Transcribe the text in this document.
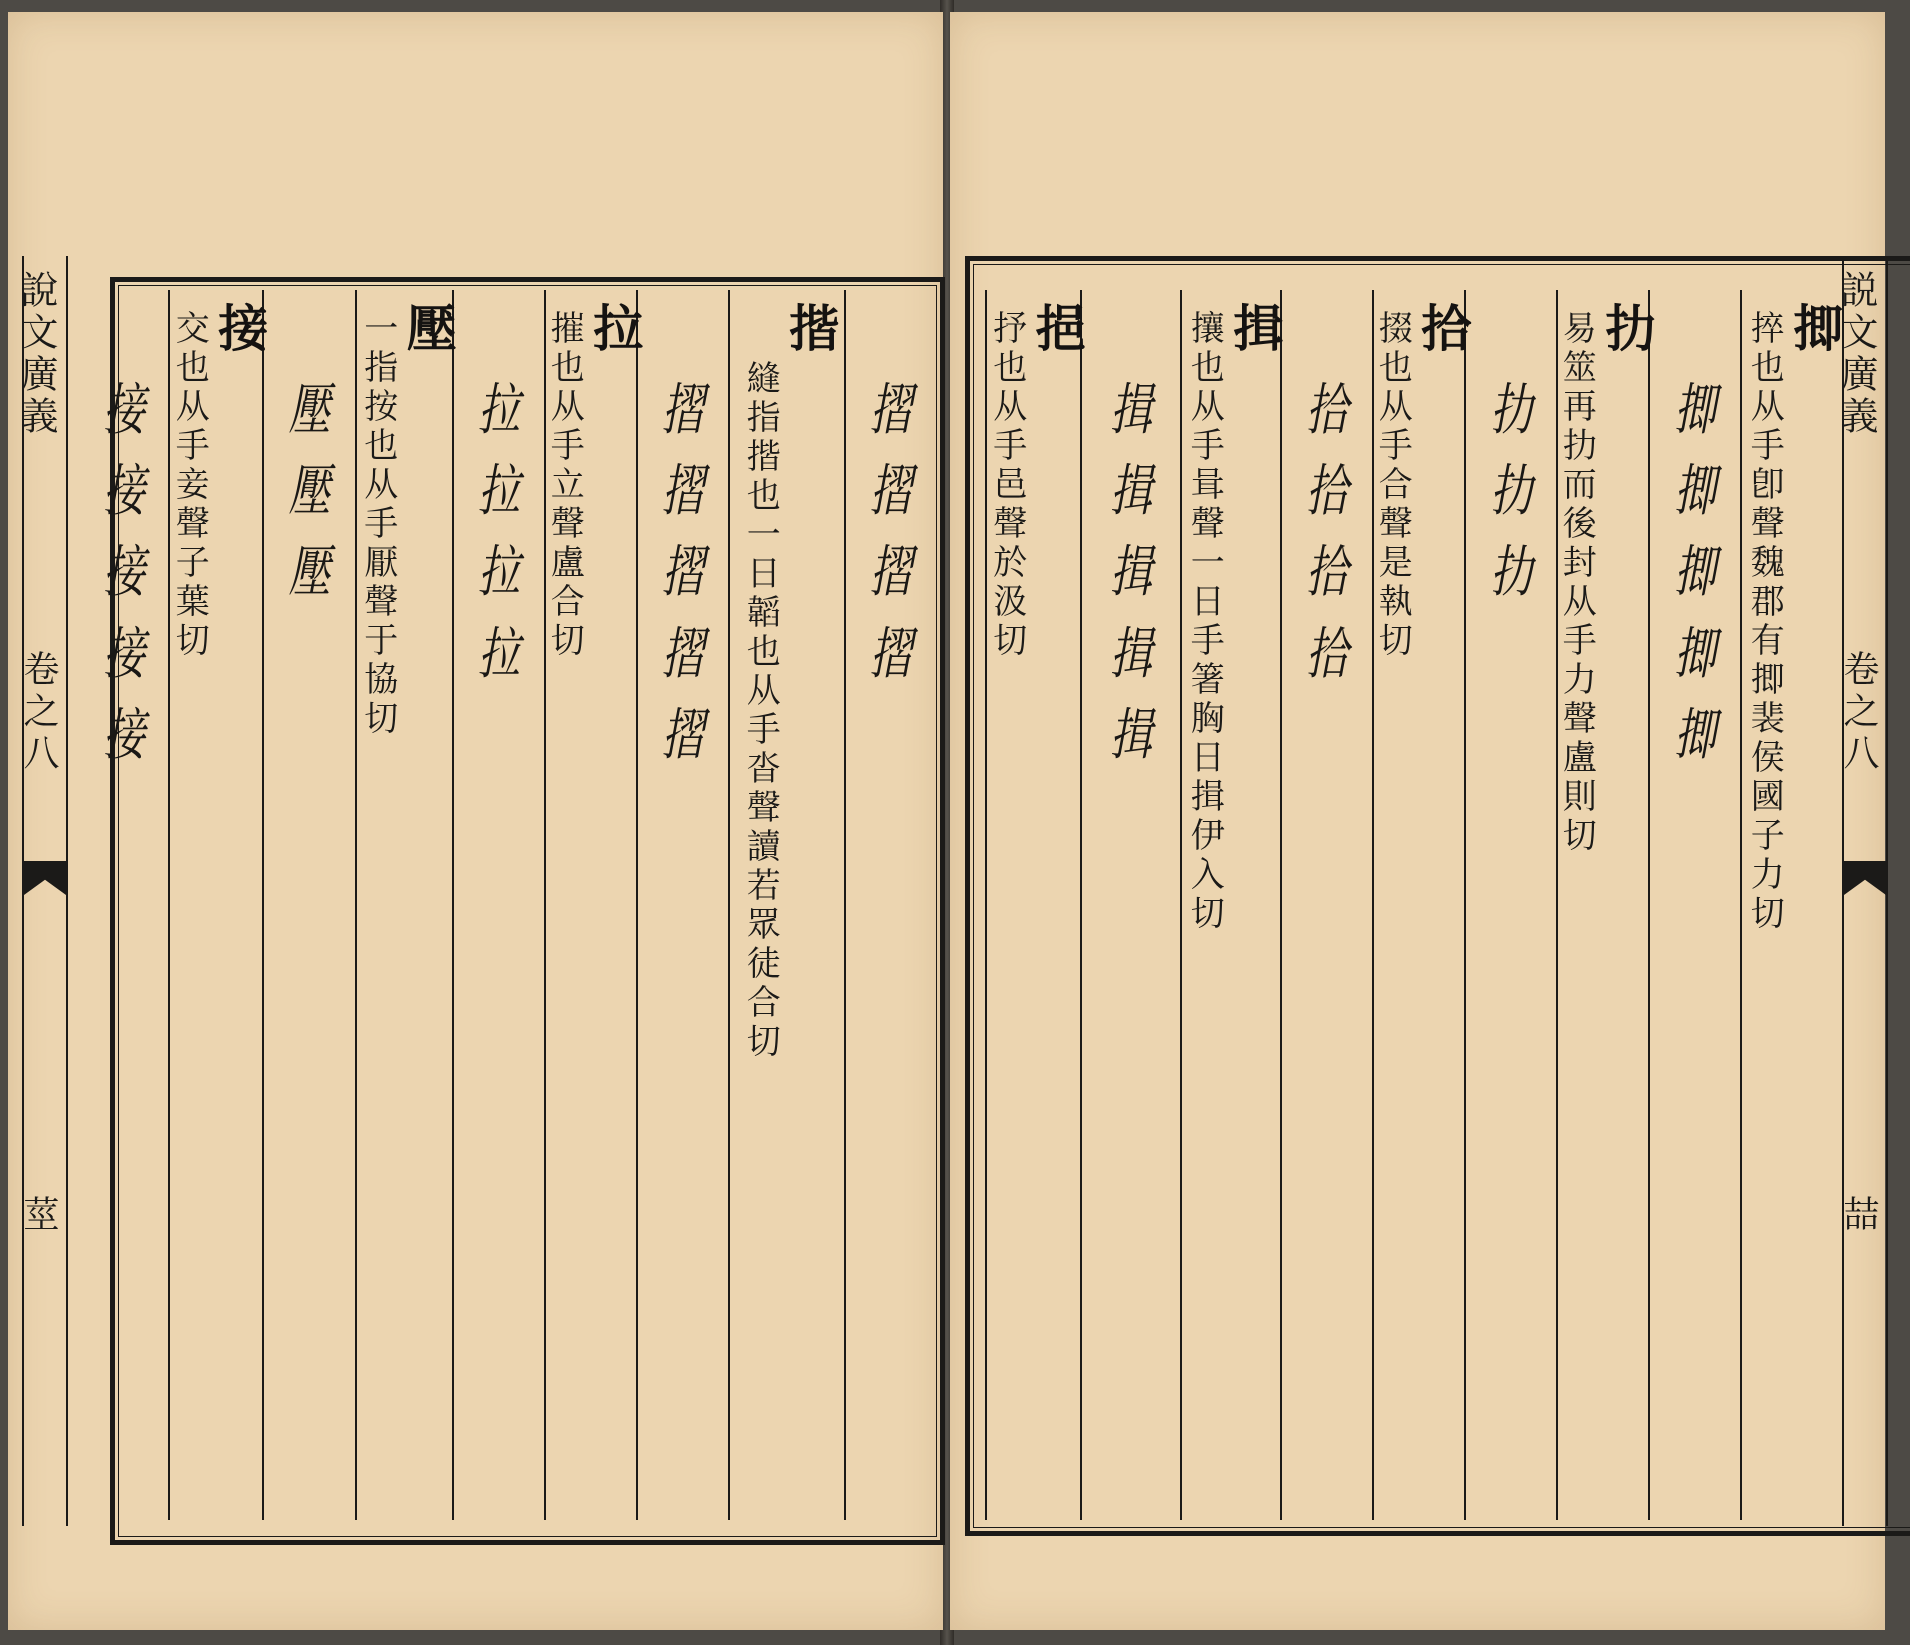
說文廣義
卷之八
莖
摺
摺
摺
摺
揩
縫指揩也一日韜也从手沓聲讀若眾徒合切
摺
摺
摺
摺
摺
拉
摧也从手立聲盧合切
拉
拉
拉
拉
壓
一指按也从手厭聲于協切
壓
壓
壓
接
交也从手妾聲子葉切
接
接
接
接
接
説文廣義
卷之八
喆
揤
捽也从手卽聲魏郡有揤裴侯國子力切
揤
揤
揤
揤
揤
扐
易筮再扐而後封从手力聲盧則切
扐
扐
扐
拾
掇也从手合聲是執切
拾
拾
拾
拾
揖
攘也从手咠聲一日手箸胸日揖伊入切
揖
揖
揖
揖
揖
挹
抒也从手邑聲於汲切
